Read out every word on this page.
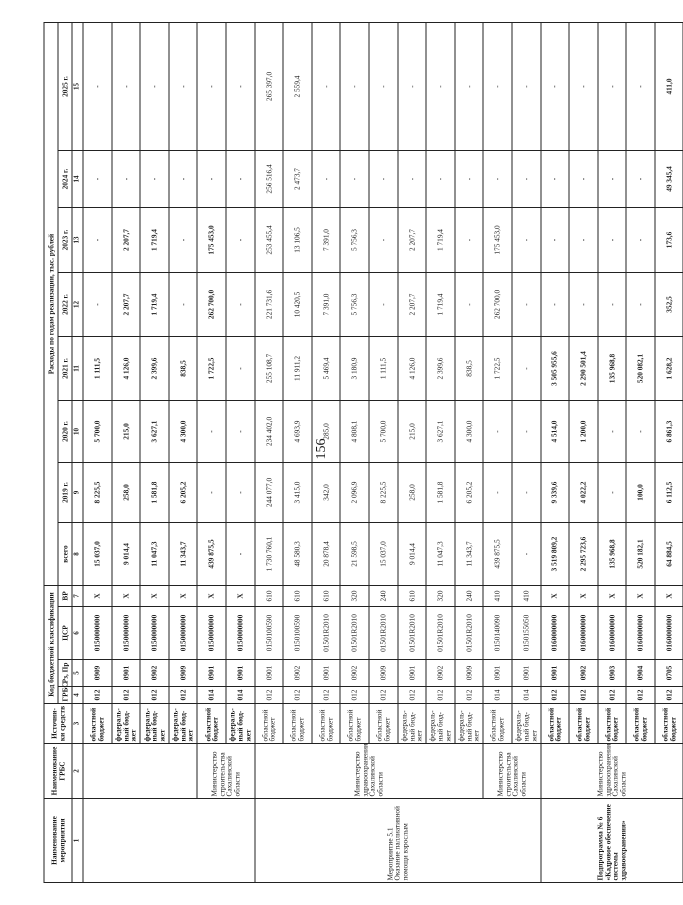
156
Наименование мероприятия	Наименование ГРБС	Источни-ки средств	Код бюджетной классификации				Расходы по годам реализации, тыс. рублей							
			ГРБС	Рз, Пр	ЦСР	ВР	всего	2019 г.	2020 г.	2021 г.	2022 г.	2023 г.	2024 г.	2025 г.
1	2	3	4	5	6	7	8	9	10	11	12	13	14	15
		областной бюджет	012	0909	0150000000	X	15 037,0	8 225,5	5 700,0	1 111,5	-	-	-	-
		федераль-ный бюд-жет	012	0901	0150000000	X	9 014,4	258,0	215,0	4 126,0	2 207,7	2 207,7	-	-
		федераль-ный бюд-жет	012	0902	0150000000	X	11 047,3	1 581,8	3 627,1	2 399,6	1 719,4	1 719,4	-	-
		федераль-ный бюд-жет	012	0909	0150000000	X	11 343,7	6 205,2	4 300,0	838,5	-	-	-	-
	Министерство строительства Сахалинской области	областной бюджет	014	0901	0150000000	X	439 875,5	-	-	1 722,5	262 700,0	175 453,0	-	-
		федераль-ный бюд-жет	014	0901	0150000000	X	-	-	-	-	-	-	-	-
Мероприятие 5.1 Оказание паллиативной помощи взрослым	Министерство здравоохранения Сахалинской области	областной бюджет	012	0901	0150100590	610	1 730 760,1	244 077,0	234 402,0	255 108,7	221 731,6	253 455,4	256 516,4	265 397,0
		областной бюджет	012	0902	0150100590	610	48 580,3	3 415,0	4 693,9	11 911,2	10 420,5	13 106,5	2 473,7	2 559,4
		областной бюджет	012	0901	01501R2010	610	20 878,4	342,0	285,0	5 469,4	7 391,0	7 391,0	-	-
		областной бюджет	012	0902	01501R2010	320	21 598,5	2 096,9	4 808,1	3 180,9	5 756,3	5 756,3	-	-
		областной бюджет	012	0909	01501R2010	240	15 037,0	8 225,5	5 700,0	1 111,5	-	-	-	-
		федераль-ный бюд-жет	012	0901	01501R2010	610	9 014,4	258,0	215,0	4 126,0	2 207,7	2 207,7	-	-
		федераль-ный бюд-жет	012	0902	01501R2010	320	11 047,3	1 581,8	3 627,1	2 399,6	1 719,4	1 719,4	-	-
		федераль-ный бюд-жет	012	0909	01501R2010	240	11 343,7	6 205,2	4 300,0	838,5	-	-	-	-
	Министерство строительства Сахалинской области	областной бюджет	014	0901	0150140090	410	439 875,5	-	-	1 722,5	262 700,0	175 453,0	-	-
		федераль-ный бюд-жет	014	0901	0150155050	410	-	-	-	-	-	-	-	-
Подпрограмма № 6 «Кадровое обеспечение системы здравоохранения»	Министерство здравоохранения Сахалинской области	областной бюджет	012	0901	0160000000	X	3 519 809,2	9 339,6	4 514,0	3 505 955,6	-	-	-	-
		областной бюджет	012	0902	0160000000	X	2 295 723,6	4 022,2	1 200,0	2 290 501,4	-	-	-	-
		областной бюджет	012	0903	0160000000	X	135 968,8	-	-	135 968,8	-	-	-	-
		областной бюджет	012	0904	0160000000	X	520 182,1	100,0	-	520 082,1	-	-	-	-
		областной бюджет	012	0705	0160000000	X	64 884,5	6 112,5	6 861,3	1 628,2	352,5	173,6	49 345,4	411,0
